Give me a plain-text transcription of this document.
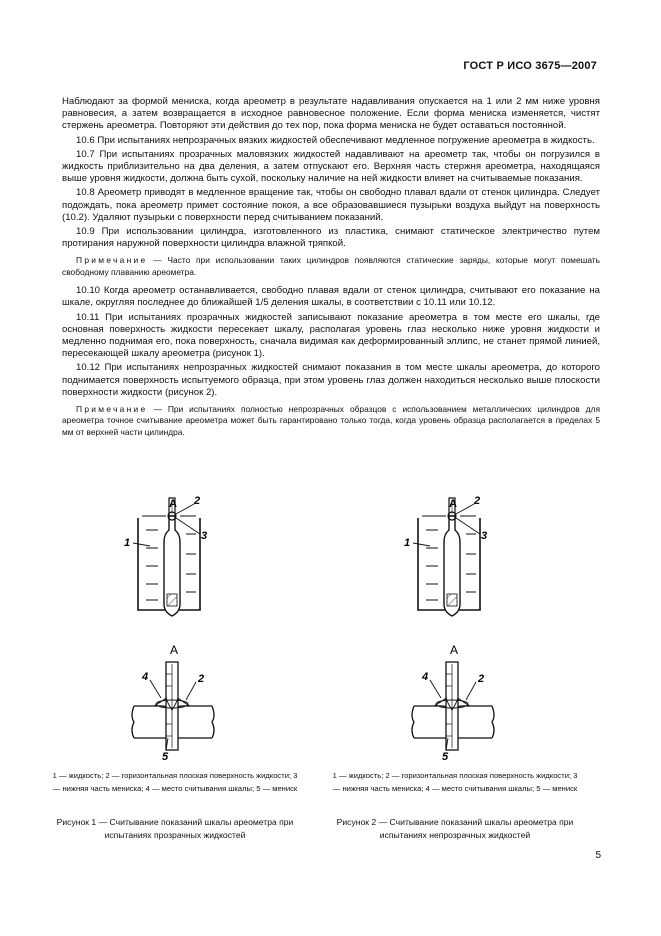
ГОСТ Р ИСО 3675—2007

Наблюдают за формой мениска, когда ареометр в результате надавливания опускается на 1 или 2 мм ниже уровня равновесия, а затем возвращается в исходное равновесное положение. Если форма мениска изменяется, чистят стержень ареометра. Повторяют эти действия до тех пор, пока форма мениска не будет оставаться постоянной.

10.6 При испытаниях непрозрачных вязких жидкостей обеспечивают медленное погружение ареометра в жидкость.

10.7 При испытаниях прозрачных маловязких жидкостей надавливают на ареометр так, чтобы он погрузился в жидкость приблизительно на два деления, а затем отпускают его. Верхняя часть стержня ареометра, находящаяся выше уровня жидкости, должна быть сухой, поскольку наличие на ней жидкости влияет на считываемые показания.

10.8 Ареометр приводят в медленное вращение так, чтобы он свободно плавал вдали от стенок цилиндра. Следует подождать, пока ареометр примет состояние покоя, а все образовавшиеся пузырьки воздуха выйдут на поверхность (10.2). Удаляют пузырьки с поверхности перед считыванием показаний.

10.9 При использовании цилиндра, изготовленного из пластика, снимают статическое электричество путем протирания наружной поверхности цилиндра влажной тряпкой.

Примечание — Часто при использовании таких цилиндров появляются статические заряды, которые могут помешать свободному плаванию ареометра.

10.10 Когда ареометр останавливается, свободно плавая вдали от стенок цилиндра, считывают его показание на шкале, округляя последнее до ближайшей 1/5 деления шкалы, в соответствии с 10.11 или 10.12.

10.11 При испытаниях прозрачных жидкостей записывают показание ареометра в том месте его шкалы, где основная поверхность жидкости пересекает шкалу, располагая уровень глаз несколько ниже уровня жидкости и медленно поднимая его, пока поверхность, сначала видимая как деформированный эллипс, не станет прямой линией, пересекающей шкалу ареометра (рисунок 1).

10.12 При испытаниях непрозрачных жидкостей снимают показания в том месте шкалы ареометра, до которого поднимается поверхность испытуемого образца, при этом уровень глаз должен находиться несколько выше плоскости поверхности жидкости (рисунок 2).

Примечание — При испытаниях полностью непрозрачных образцов с использованием металлических цилиндров для ареометра точное считывание ареометра может быть гарантировано только тогда, когда уровень образца располагается в пределах 5 мм от верхней части цилиндра.

А 2
1
3
А
4	2
5
1 — жидкость; 2 — горизонтальная плоская поверхность жидкости; 3 — нижняя часть мениска; 4 — место считывания шкалы; 5 — мениск
Рисунок 1 — Считывание показаний шкалы ареометра при испытаниях прозрачных жидкостей
А 2
1
3
А
4	2
5
1 — жидкость; 2 — горизонтальная плоская поверхность жидкости; 3 — нижняя часть мениска; 4 — место считывания шкалы; 5 — мениск
Рисунок 2 — Считывание показаний шкалы ареометра при испытаниях непрозрачных жидкостей
5
